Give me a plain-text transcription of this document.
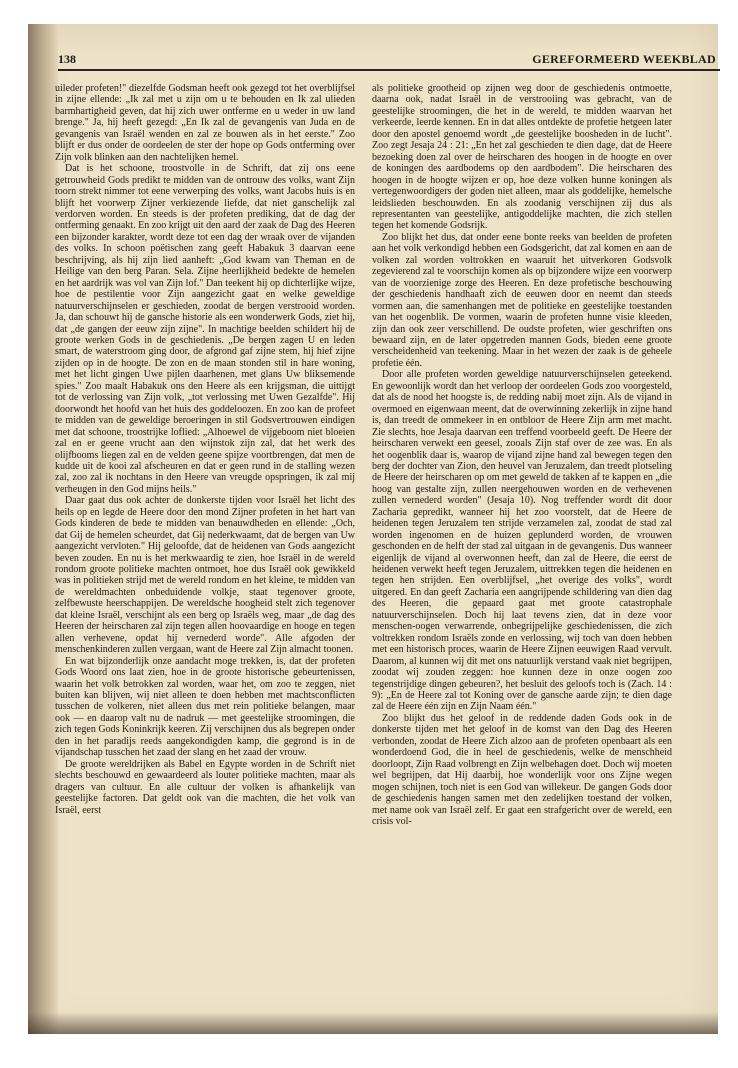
138	GEREFORMEERD WEEKBLAD

uileder profeten!" diezelfde Godsman heeft ook gezegd tot het overblijfsel in zijne ellende: „Ik zal met u zijn om u te behouden en Ik zal ulieden barmhartigheid geven, dat hij zich uwer ontferme en u weder in uw land brenge." Ja, hij heeft gezegd: „En Ik zal de gevangenis van Juda en de gevangenis van Israël wenden en zal ze bouwen als in het eerste." Zoo blijft er dus onder de oordeelen de ster der hope op Gods ontferming over Zijn volk blinken aan den nachtelijken hemel.

Dat is het schoone, troostvolle in de Schrift, dat zij ons eene getrouwheid Gods predikt te midden van de ontrouw des volks, want Zijn toorn strekt nimmer tot eene verwerping des volks, want Jacobs huis is en blijft het voorwerp Zijner verkiezende liefde, dat niet ganschelijk zal verdorven worden. En steeds is der profeten prediking, dat de dag der ontferming genaakt. En zoo krijgt uit den aard der zaak de Dag des Heeren een bijzonder karakter, wordt deze tot een dag der wraak over de vijanden des volks. In schoon poëtischen zang geeft Habakuk 3 daarvan eene beschrijving, als hij zijn lied aanheft: „God kwam van Theman en de Heilige van den berg Paran. Sela. Zijne heerlijkheid bedekte de hemelen en het aardrijk was vol van Zijn lof." Dan teekent hij op dichterlijke wijze, hoe de pestilentie voor Zijn aangezicht gaat en welke geweldige natuurverschijnselen er geschieden, zoodat de bergen verstrooid worden. Ja, dan schouwt hij de gansche historie als een wonderwerk Gods, ziet hij, dat „de gangen der eeuw zijn zijne". In machtige beelden schildert hij de groote werken Gods in de geschiedenis. „De bergen zagen U en leden smart, de waterstroom ging door, de afgrond gaf zijne stem, hij hief zijne zijden op in de hoogte. De zon en de maan stonden stil in hare woning, met het licht gingen Uwe pijlen daarhenen, met glans Uw bliksemende spies." Zoo maalt Habakuk ons den Heere als een krijgsman, die uittijgt tot de verlossing van Zijn volk, „tot verlossing met Uwen Gezalfde". Hij doorwondt het hoofd van het huis des goddeloozen. En zoo kan de profeet te midden van de geweldige beroeringen in stil Godsvertrouwen eindigen met dat schoone, troostrijke loflied: „Alhoewel de vijgeboom niet bloeien zal en er geene vrucht aan den wijnstok zijn zal, dat het werk des olijfbooms liegen zal en de velden geene spijze voortbrengen, dat men de kudde uit de kooi zal afscheuren en dat er geen rund in de stalling wezen zal, zoo zal ik nochtans in den Heere van vreugde opspringen, ik zal mij verheugen in den God mijns heils."

Daar gaat dus ook achter de donkerste tijden voor Israël het licht des heils op en legde de Heere door den mond Zijner profeten in het hart van Gods kinderen de bede te midden van benauwdheden en ellende: „Och, dat Gij de hemelen scheurdet, dat Gij nederkwaamt, dat de bergen van Uw aangezicht vervloten." Hij geloofde, dat de heidenen van Gods aangezicht beven zouden. En nu is het merkwaardig te zien, hoe Israël in de wereld rondom groote politieke machten ontmoet, hoe dus Israël ook gewikkeld was in politieken strijd met de wereld rondom en het kleine, te midden van de wereldmachten onbeduidende volkje, staat tegenover groote, zelfbewuste heerschappijen. De wereldsche hoogheid stelt zich tegenover dat kleine Israël, verschijnt als een berg op Israëls weg, maar „de dag des Heeren der heirscharen zal zijn tegen allen hoovaardige en hooge en tegen allen verhevene, opdat hij vernederd worde". Alle afgoden der menschenkinderen zullen vergaan, want de Heere zal Zijn almacht toonen.

En wat bijzonderlijk onze aandacht moge trekken, is, dat der profeten Gods Woord ons laat zien, hoe in de groote historische gebeurtenissen, waarin het volk betrokken zal worden, waar het, om zoo te zeggen, niet buiten kan blijven, wij niet alleen te doen hebben met machtsconflicten tusschen de volkeren, niet alleen dus met rein politieke belangen, maar ook — en daarop valt nu de nadruk — met geestelijke stroomingen, die zich tegen Gods Koninkrijk keeren. Zij verschijnen dus als begrepen onder den in het paradijs reeds aangekondigden kamp, die gegrond is in de vijandschap tusschen het zaad der slang en het zaad der vrouw.

De groote wereldrijken als Babel en Egypte worden in de Schrift niet slechts beschouwd en gewaardeerd als louter politieke machten, maar als dragers van cultuur. En alle cultuur der volken is afhankelijk van geestelijke factoren. Dat geldt ook van die machten, die het volk van Israël, eerst

als politieke grootheid op zijnen weg door de geschiedenis ontmoette, daarna ook, nadat Israël in de verstrooiing was gebracht, van de geestelijke stroomingen, die het in de wereld, te midden waarvan het verkeerde, leerde kennen. En in dat alles ontdekte de profetie hetgeen later door den apostel genoemd wordt „de geestelijke boosheden in de lucht". Zoo zegt Jesaja 24 : 21: „En het zal geschieden te dien dage, dat de Heere bezoeking doen zal over de heirscharen des hoogen in de hoogte en over de koningen des aardbodems op den aardbodem". Die heirscharen des hoogen in de hoogte wijzen er op, hoe deze volken hunne koningen als vertegenwoordigers der goden niet alleen, maar als goddelijke, hemelsche leidslieden beschouwden. En als zoodanig verschijnen zij dus als representanten van geestelijke, antigoddelijke machten, die zich stellen tegen het komende Godsrijk.

Zoo blijkt het dus, dat onder eene bonte reeks van beelden de profeten aan het volk verkondigd hebben een Godsgericht, dat zal komen en aan de volken zal worden voltrokken en waaruit het uitverkoren Godsvolk zegevierend zal te voorschijn komen als op bijzondere wijze een voorwerp van de voorzienige zorge des Heeren. En deze profetische beschouwing der geschiedenis handhaaft zich de eeuwen door en neemt dan steeds vormen aan, die samenhangen met de politieke en geestelijke toestanden van het oogenblik. De vormen, waarin de profeten hunne visie kleeden, zijn dan ook zeer verschillend. De oudste profeten, wier geschriften ons bewaard zijn, en de later opgetreden mannen Gods, bieden eene groote verscheidenheid van teekening. Maar in het wezen der zaak is de geheele profetie één.

Door alle profeten worden geweldige natuurverschijnselen geteekend. En gewoonlijk wordt dan het verloop der oordeelen Gods zoo voorgesteld, dat als de nood het hoogste is, de redding nabij moet zijn. Als de vijand in overmoed en eigenwaan meent, dat de overwinning zekerlijk in zijne hand is, dan treedt de ommekeer in en ontblooт de Heere Zijn arm met macht. Zie slechts, hoe Jesaja daarvan een treffend voorbeeld geeft. De Heere der heirscharen verwekt een geesel, zooals Zijn staf over de zee was. En als het oogenblik daar is, waarop de vijand zijne hand zal bewegen tegen den berg der dochter van Zion, den heuvel van Jeruzalem, dan treedt plotseling de Heere der heirscharen op om met geweld de takken af te kappen en „die hoog van gestalte zijn, zullen neergehouwen worden en de verhevenen zullen vernederd worden" (Jesaja 10). Nog treffender wordt dit door Zacharia gepredikt, wanneer hij het zoo voorstelt, dat de Heere de heidenen tegen Jeruzalem ten strijde verzamelen zal, zoodat de stad zal worden ingenomen en de huizen geplunderd worden, de vrouwen geschonden en de helft der stad zal uitgaan in de gevangenis. Dus wanneer eigenlijk de vijand al overwonnen heeft, dan zal de Heere, die eerst de heidenen verwekt heeft tegen Jeruzalem, uittrekken tegen die heidenen en tegen hen strijden. Een overblijfsel, „het overige des volks", wordt uitgered. En dan geeft Zacharia een aangrijpende schildering van dien dag des Heeren, die gepaard gaat met groote catastrophale natuurverschijnselen. Doch hij laat tevens zien, dat in deze voor menschen-oogen verwarrende, onbegrijpelijke geschiedenissen, die zich voltrekken rondom Israëls zonde en verlossing, wij toch van doen hebben met een historisch proces, waarin de Heere Zijnen eeuwigen Raad vervult. Daarom, al kunnen wij dit met ons natuurlijk verstand vaak niet begrijpen, zoodat wij zouden zeggen: hoe kunnen deze in onze oogen zoo tegenstrijdige dingen gebeuren?, het besluit des geloofs toch is (Zach. 14 : 9): „En de Heere zal tot Koning over de gansche aarde zijn; te dien dage zal de Heere één zijn en Zijn Naam één."

Zoo blijkt dus het geloof in de reddende daden Gods ook in de donkerste tijden met het geloof in de komst van den Dag des Heeren verbonden, zoodat de Heere Zich alzoo aan de profeten openbaart als een wonderdoend God, die in heel de geschiedenis, welke de menschheid doorloopt, Zijn Raad volbrengt en Zijn welbehagen doet. Doch wij moeten wel begrijpen, dat Hij daarbij, hoe wonderlijk voor ons Zijne wegen mogen schijnen, toch niet is een God van willekeur. De gangen Gods door de geschiedenis hangen samen met den zedelijken toestand der volken, met name ook van Israël zelf. Er gaat een strafgericht over de wereld, een crisis vol-
